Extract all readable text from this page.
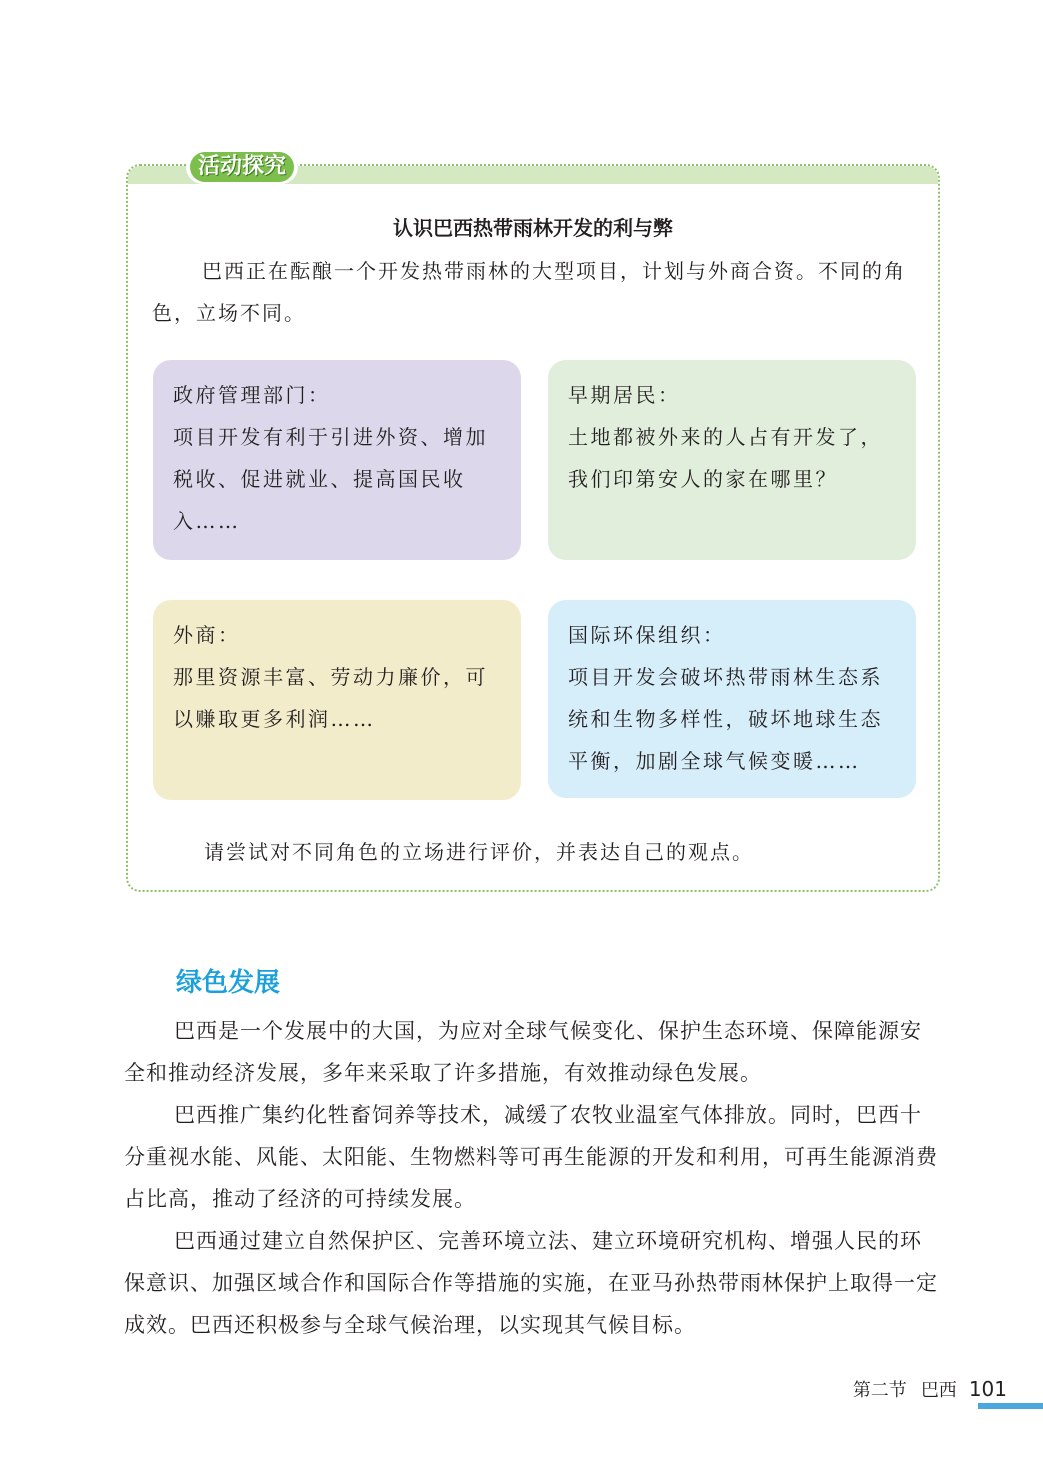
活动探究
认识巴西热带雨林开发的利与弊
巴西正在酝酿一个开发热带雨林的大型项目，计划与外商合资。不同的角色，立场不同。

政府管理部门：

项目开发有利于引进外资、增加税收、促进就业、提高国民收入……

早期居民：

土地都被外来的人占有开发了，我们印第安人的家在哪里？

外商：

那里资源丰富、劳动力廉价，可以赚取更多利润……

国际环保组织：

项目开发会破坏热带雨林生态系统和生物多样性，破坏地球生态平衡，加剧全球气候变暖……

请尝试对不同角色的立场进行评价，并表达自己的观点。
绿色发展

巴西是一个发展中的大国，为应对全球气候变化、保护生态环境、保障能源安全和推动经济发展，多年来采取了许多措施，有效推动绿色发展。

巴西推广集约化牲畜饲养等技术，减缓了农牧业温室气体排放。同时，巴西十分重视水能、风能、太阳能、生物燃料等可再生能源的开发和利用，可再生能源消费占比高，推动了经济的可持续发展。

巴西通过建立自然保护区、完善环境立法、建立环境研究机构、增强人民的环保意识、加强区域合作和国际合作等措施的实施，在亚马孙热带雨林保护上取得一定成效。巴西还积极参与全球气候治理，以实现其气候目标。

第二节 巴西 101
